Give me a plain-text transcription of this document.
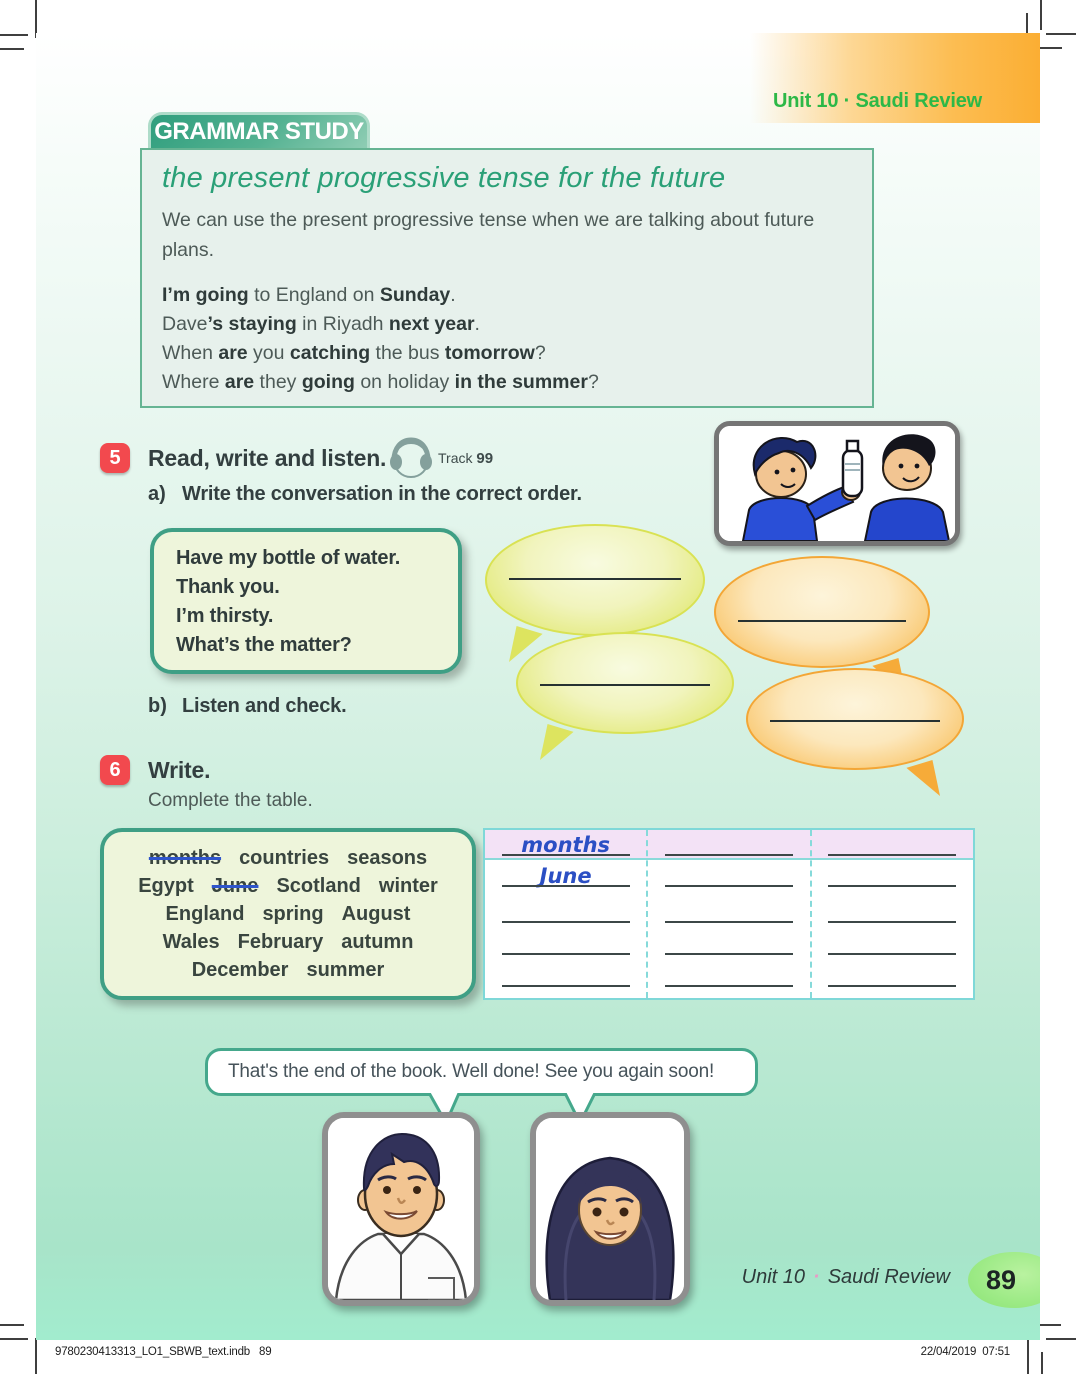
Unit 10 · Saudi Review
GRAMMAR STUDY
the present progressive tense for the future
We can use the present progressive tense when we are talking about future plans.
I’m going to England on Sunday.
Dave’s staying in Riyadh next year.
When are you catching the bus tomorrow?
Where are they going on holiday in the summer?
5 Read, write and listen.	Track 99
a) Write the conversation in the correct order.
Have my bottle of water.
Thank you.
I’m thirsty.
What’s the matter?
b) Listen and check.
6 Write.
Complete the table.
months countries seasons
Egypt June Scotland winter
England spring August
Wales February autumn
December summer
months
June
That's the end of the book. Well done! See you again soon!
Unit 10 · Saudi Review 89
9780230413313_LO1_SBWB_text.indb 89	22/04/2019 07:51
